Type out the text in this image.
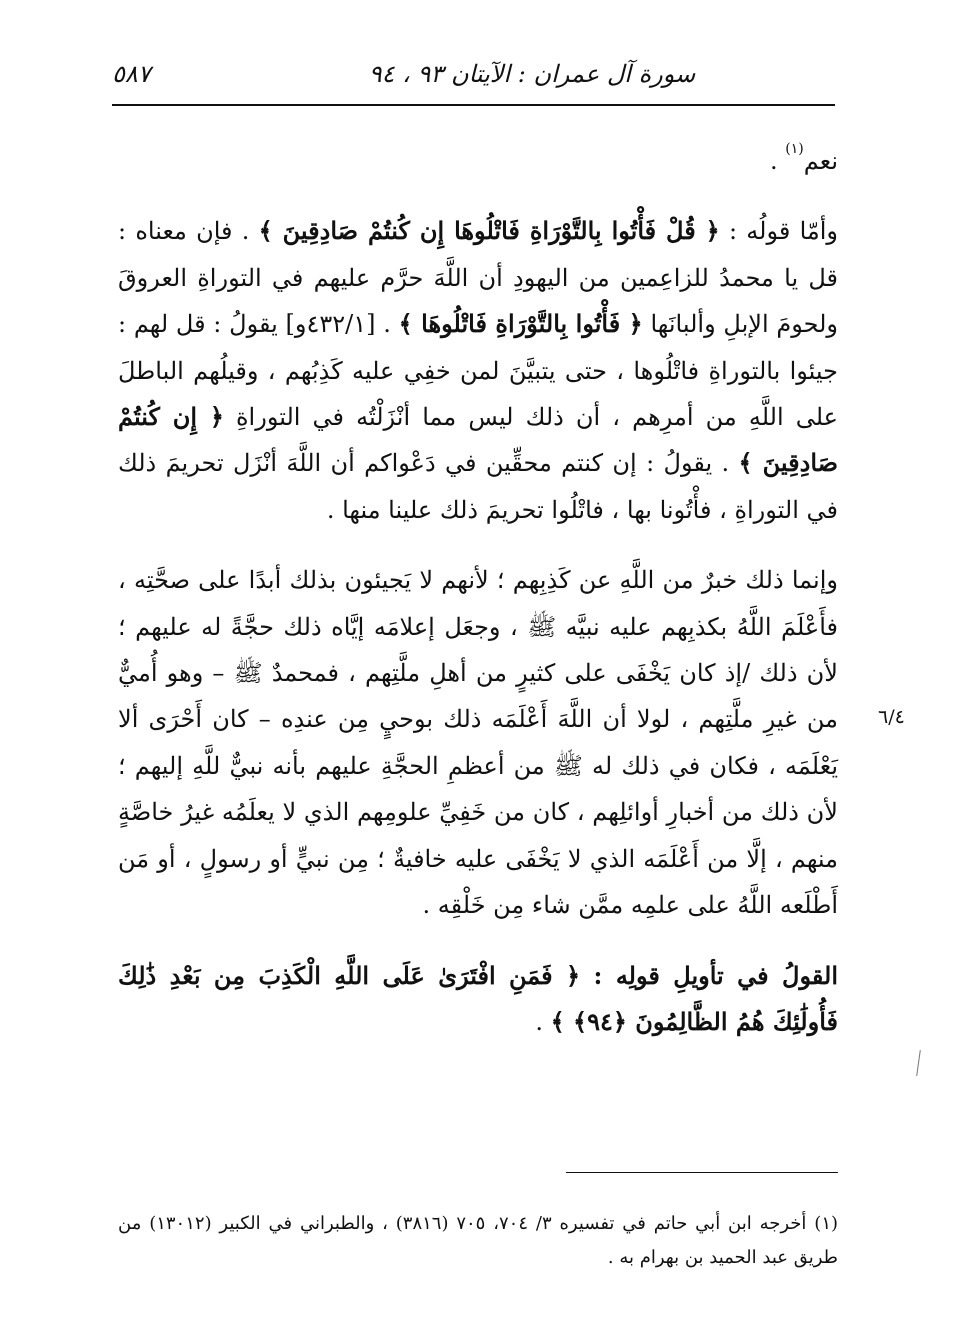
سورة آل عمران : الآيتان ٩٣ ، ٩٤
٥٨٧

نعم$^{(١)}$ .

وأمّا قولُه : ﴿ قُلْ فَأْتُوا بِالتَّوْرَاةِ فَاتْلُوهَا إِن كُنتُمْ صَادِقِينَ ﴾ . فإن معناه : قل يا محمدُ للزاعِمين من اليهودِ أن اللَّهَ حرَّم عليهم في التوراةِ العروقَ ولحومَ الإبلِ وألبانَها ﴿ فَأْتُوا بِالتَّوْرَاةِ فَاتْلُوهَا ﴾ . [٤٣٢/١و] يقولُ : قل لهم : جيئوا بالتوراةِ فاتْلُوها ، حتى يتبيَّنَ لمن خفِي عليه كَذِبُهم ، وقيلُهم الباطلَ على اللَّهِ من أمرِهم ، أن ذلك ليس مما أنْزَلْتُه في التوراةِ ﴿ إِن كُنتُمْ صَادِقِينَ ﴾ . يقولُ : إن كنتم محقِّين في دَعْواكم أن اللَّهَ أنْزَل تحريمَ ذلك في التوراةِ ، فأْتُونا بها ، فاتْلُوا تحريمَ ذلك علينا منها .

وإنما ذلك خبرٌ من اللَّهِ عن كَذِبِهم ؛ لأنهم لا يَجيئون بذلك أبدًا على صحَّتِه ، فأَعْلَمَ اللَّهُ بكذبِهم عليه نبيَّه ﷺ ، وجعَل إعلامَه إيَّاه ذلك حجَّةً له عليهم ؛ لأن ذلك /إذ كان يَخْفَى على كثيرٍ من أهلِ ملَّتِهم ، فمحمدٌ ﷺ – وهو أُميٌّ من غيرِ ملَّتِهم ، لولا أن اللَّهَ أَعْلَمَه ذلك بوحيٍ مِن عندِه – كان أَحْرَى ألا يَعْلَمَه ، فكان في ذلك له ﷺ من أعظمِ الحجَّةِ عليهم بأنه نبيٌّ للَّهِ إليهم ؛ لأن ذلك من أخبارِ أوائلِهم ، كان من خَفِيِّ علومِهم الذي لا يعلَمُه غيرُ خاصَّةٍ منهم ، إلَّا من أَعْلَمَه الذي لا يَخْفَى عليه خافيةٌ ؛ مِن نبيٍّ أو رسولٍ ، أو مَن أَطْلَعه اللَّهُ على علمِه ممَّن شاء مِن خَلْقِه .

القولُ في تأويلِ قولِه : ﴿ فَمَنِ افْتَرَىٰ عَلَى اللَّهِ الْكَذِبَ مِن بَعْدِ ذَٰلِكَ فَأُولَٰئِكَ هُمُ الظَّالِمُونَ ﴿٩٤﴾ ﴾ .

٦/٤

(١) أخرجه ابن أبي حاتم في تفسيره ٣/ ٧٠٤، ٧٠٥ (٣٨١٦) ، والطبراني في الكبير (١٣٠١٢) من طريق عبد الحميد بن بهرام به .
